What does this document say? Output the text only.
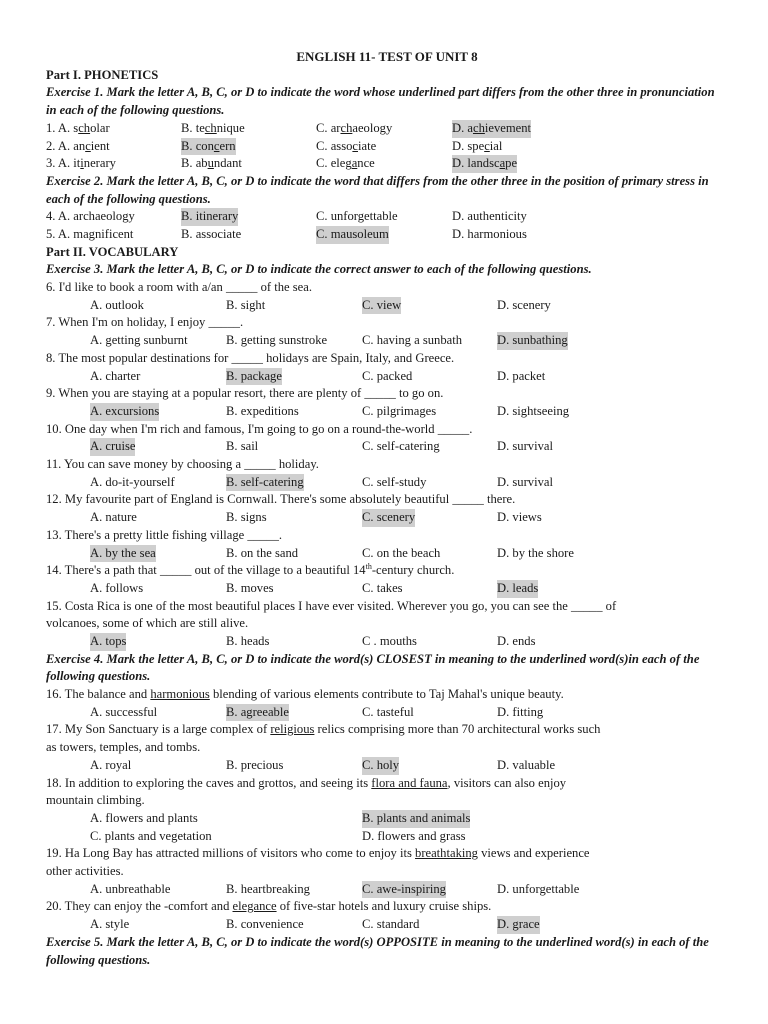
ENGLISH 11- TEST OF UNIT 8
Part I. PHONETICS
Exercise 1. Mark the letter A, B, C, or D to indicate the word whose underlined part differs from the other three in pronunciation in each of the following questions.
1. A. scholar	B. technique	C. archaeology	D. achievement
2. A. ancient	B. concern	C. associate	D. special
3. A. itinerary	B. abundant	C. elegance	D. landscape
Exercise 2. Mark the letter A, B, C, or D to indicate the word that differs from the other three in the position of primary stress in each of the following questions.
4. A. archaeology	B. itinerary	C. unforgettable	D. authenticity
5. A. magnificent	B. associate	C. mausoleum	D. harmonious
Part II. VOCABULARY
Exercise 3. Mark the letter A, B, C, or D to indicate the correct answer to each of the following questions.
6. I'd like to book a room with a/an _____ of the sea.
A. outlook	B. sight	C. view	D. scenery
7. When I'm on holiday, I enjoy _____.
A. getting sunburnt	B. getting sunstroke	C. having a sunbath	D. sunbathing
8. The most popular destinations for _____ holidays are Spain, Italy, and Greece.
A. charter	B. package	C. packed	D. packet
9. When you are staying at a popular resort, there are plenty of _____ to go on.
A. excursions	B. expeditions	C. pilgrimages	D. sightseeing
10. One day when I'm rich and famous, I'm going to go on a round-the-world _____.
A. cruise	B. sail	C. self-catering	D. survival
11. You can save money by choosing a _____ holiday.
A. do-it-yourself	B. self-catering	C. self-study	D. survival
12. My favourite part of England is Cornwall. There's some absolutely beautiful _____ there.
A. nature	B. signs	C. scenery	D. views
13. There's a pretty little fishing village _____.
A. by the sea	B. on the sand	C. on the beach	D. by the shore
14. There's a path that _____ out of the village to a beautiful 14th-century church.
A. follows	B. moves	C. takes	D. leads
15. Costa Rica is one of the most beautiful places I have ever visited. Wherever you go, you can see the _____ of
volcanoes, some of which are still alive.
A. tops	B. heads	C . mouths	D. ends
Exercise 4. Mark the letter A, B, C, or D to indicate the word(s) CLOSEST in meaning to the underlined word(s)in each of the following questions.
16. The balance and harmonious blending of various elements contribute to Taj Mahal's unique beauty.
A. successful	B. agreeable	C. tasteful	D. fitting
17. My Son Sanctuary is a large complex of religious relics comprising more than 70 architectural works such
as towers, temples, and tombs.
A. royal	B. precious	C. holy	D. valuable
18. In addition to exploring the caves and grottos, and seeing its flora and fauna, visitors can also enjoy
mountain climbing.
A. flowers and plants	B. plants and animals
C. plants and vegetation	D. flowers and grass
19. Ha Long Bay has attracted millions of visitors who come to enjoy its breathtaking views and experience
other activities.
A. unbreathable	B. heartbreaking	C. awe-inspiring	D. unforgettable
20. They can enjoy the -comfort and elegance of five-star hotels and luxury cruise ships.
A. style	B. convenience	C. standard	D. grace
Exercise 5. Mark the letter A, B, C, or D to indicate the word(s) OPPOSITE in meaning to the underlined word(s) in each of the following questions.
